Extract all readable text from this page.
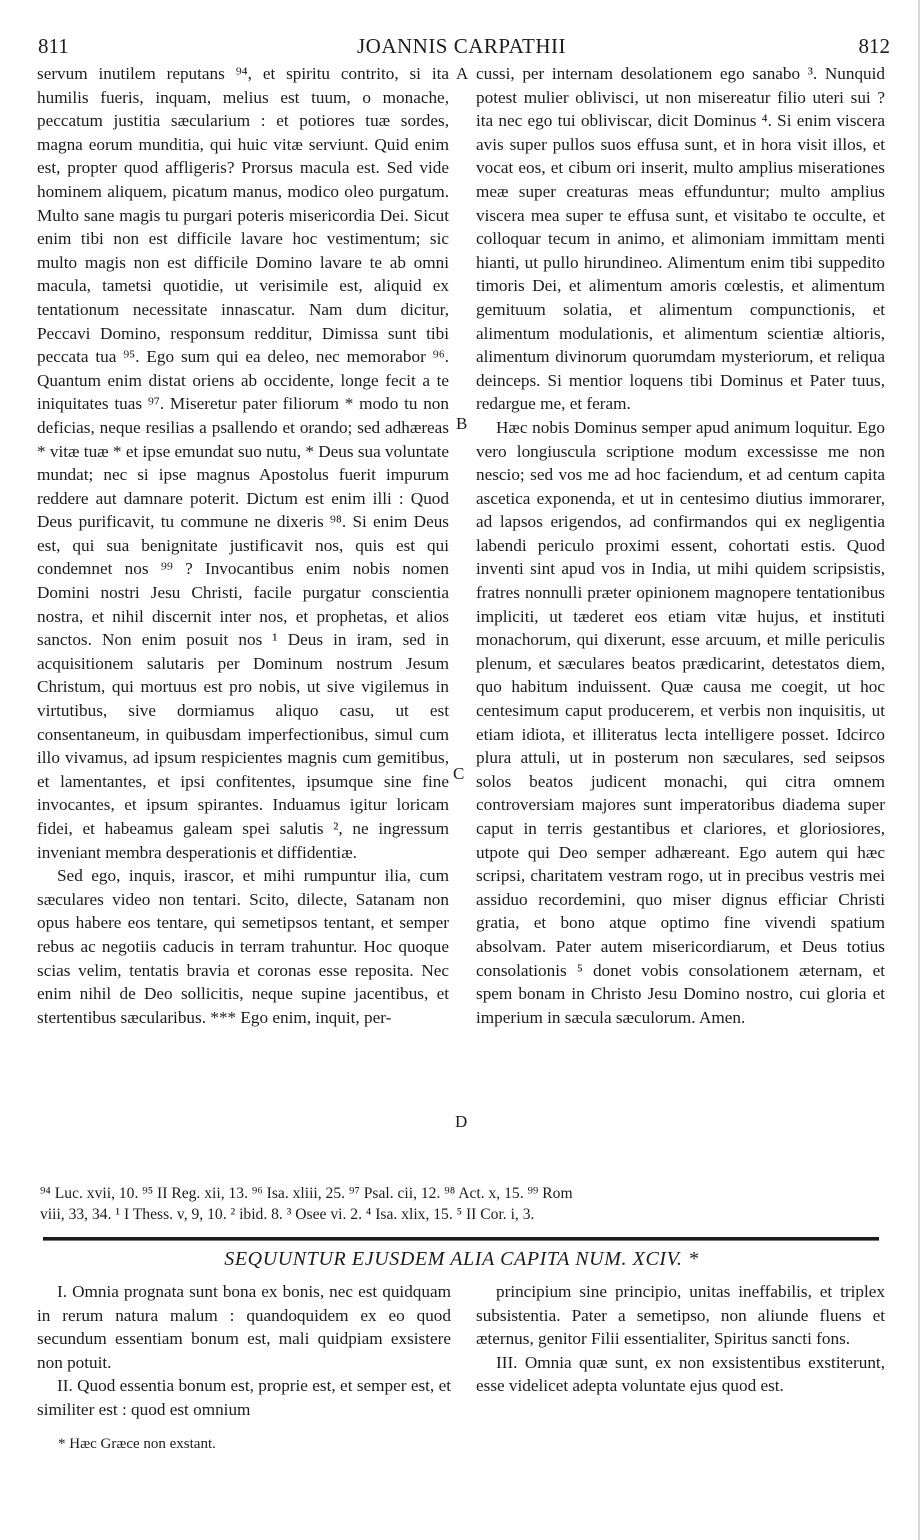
JOANNIS CARPATHII
811	812

servum inutilem reputans ⁹⁴, et spiritu contrito, si ita humilis fueris, inquam, melius est tuum, o monache, peccatum justitia sæcularium : et potiores tuæ sordes, magna eorum munditia, qui huic vitæ serviunt. Quid enim est, propter quod affligeris? Prorsus macula est. Sed vide hominem aliquem, picatum manus, modico oleo purgatum. Multo sane magis tu purgari poteris misericordia Dei. Sicut enim tibi non est difficile lavare hoc vestimentum; sic multo magis non est difficile Domino lavare te ab omni macula, tametsi quotidie, ut verisimile est, aliquid ex tentationum necessitate innascatur. Nam dum dicitur, Peccavi Domino, responsum redditur, Dimissa sunt tibi peccata tua ⁹⁵. Ego sum qui ea deleo, nec memorabor ⁹⁶. Quantum enim distat oriens ab occidente, longe fecit a te iniquitates tuas ⁹⁷. Miseretur pater filiorum * modo tu non deficias, neque resilias a psallendo et orando; sed adhæreas * vitæ tuæ * et ipse emundat suo nutu, * Deus sua voluntate mundat; nec si ipse magnus Apostolus fuerit impurum reddere aut damnare poterit. Dictum est enim illi : Quod Deus purificavit, tu commune ne dixeris ⁹⁸. Si enim Deus est, qui sua benignitate justificavit nos, quis est qui condemnet nos ⁹⁹ ? Invocantibus enim nobis nomen Domini nostri Jesu Christi, facile purgatur conscientia nostra, et nihil discernit inter nos, et prophetas, et alios sanctos. Non enim posuit nos ¹ Deus in iram, sed in acquisitionem salutaris per Dominum nostrum Jesum Christum, qui mortuus est pro nobis, ut sive vigilemus in virtutibus, sive dormiamus aliquo casu, ut est consentaneum, in quibusdam imperfectionibus, simul cum illo vivamus, ad ipsum respicientes magnis cum gemitibus, et lamentantes, et ipsi confitentes, ipsumque sine fine invocantes, et ipsum spirantes. Induamus igitur loricam fidei, et habeamus galeam spei salutis ², ne ingressum inveniant membra desperationis et diffidentiæ.

Sed ego, inquis, irascor, et mihi rumpuntur ilia, cum sæculares video non tentari. Scito, dilecte, Satanam non opus habere eos tentare, qui semetipsos tentant, et semper rebus ac negotiis caducis in terram trahuntur. Hoc quoque scias velim, tentatis bravia et coronas esse reposita. Nec enim nihil de Deo sollicitis, neque supine jacentibus, et stertentibus sæcularibus. *** Ego enim, inquit, per-

cussi, per internam desolationem ego sanabo ³. Nunquid potest mulier oblivisci, ut non misereatur filio uteri sui ? ita nec ego tui obliviscar, dicit Dominus ⁴. Si enim viscera avis super pullos suos effusa sunt, et in hora visit illos, et vocat eos, et cibum ori inserit, multo amplius miserationes meæ super creaturas meas effunduntur; multo amplius viscera mea super te effusa sunt, et visitabo te occulte, et colloquar tecum in animo, et alimoniam immittam menti hianti, ut pullo hirundineo. Alimentum enim tibi suppedito timoris Dei, et alimentum amoris cœlestis, et alimentum gemituum solatia, et alimentum compunctionis, et alimentum modulationis, et alimentum scientiæ altioris, alimentum divinorum quorumdam mysteriorum, et reliqua deinceps. Si mentior loquens tibi Dominus et Pater tuus, redargue me, et feram.

Hæc nobis Dominus semper apud animum loquitur. Ego vero longiuscula scriptione modum excessisse me non nescio; sed vos me ad hoc faciendum, et ad centum capita ascetica exponenda, et ut in centesimo diutius immorarer, ad lapsos erigendos, ad confirmandos qui ex negligentia labendi periculo proximi essent, cohortati estis. Quod inventi sint apud vos in India, ut mihi quidem scripsistis, fratres nonnulli præter opinionem magnopere tentationibus impliciti, ut tæderet eos etiam vitæ hujus, et instituti monachorum, qui dixerunt, esse arcuum, et mille periculis plenum, et sæculares beatos prædicarint, detestatos diem, quo habitum induissent. Quæ causa me coegit, ut hoc centesimum caput producerem, et verbis non inquisitis, ut etiam idiota, et illiteratus lecta intelligere posset. Idcirco plura attuli, ut in posterum non sæculares, sed seipsos solos beatos judicent monachi, qui citra omnem controversiam majores sunt imperatoribus diadema super caput in terris gestantibus et clariores, et gloriosiores, utpote qui Deo semper adhæreant. Ego autem qui hæc scripsi, charitatem vestram rogo, ut in precibus vestris mei assiduo recordemini, quo miser dignus efficiar Christi gratia, et bono atque optimo fine vivendi spatium absolvam. Pater autem misericordiarum, et Deus totius consolationis ⁵ donet vobis consolationem æternam, et spem bonam in Christo Jesu Domino nostro, cui gloria et imperium in sæcula sæculorum. Amen.

A
B
C
D
⁹⁴ Luc. xvii, 10. ⁹⁵ II Reg. xii, 13. ⁹⁶ Isa. xliii, 25. ⁹⁷ Psal. cii, 12. ⁹⁸ Act. x, 15. ⁹⁹ Rom
viii, 33, 34. ¹ I Thess. v, 9, 10. ² ibid. 8. ³ Osee vi. 2. ⁴ Isa. xlix, 15. ⁵ II Cor. i, 3.
SEQUUNTUR EJUSDEM ALIA CAPITA NUM. XCIV. *

I. Omnia prognata sunt bona ex bonis, nec est quidquam in rerum natura malum : quandoquidem ex eo quod secundum essentiam bonum est, mali quidpiam exsistere non potuit.

II. Quod essentia bonum est, proprie est, et semper est, et similiter est : quod est omnium

principium sine principio, unitas ineffabilis, et triplex subsistentia. Pater a semetipso, non aliunde fluens et æternus, genitor Filii essentialiter, Spiritus sancti fons.

III. Omnia quæ sunt, ex non exsistentibus exstiterunt, esse videlicet adepta voluntate ejus quod est.

* Hæc Græce non exstant.
